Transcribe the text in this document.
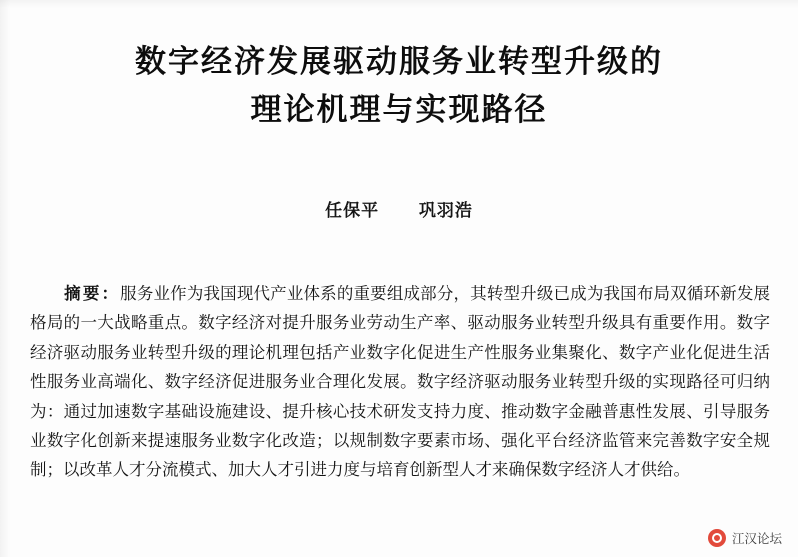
数字经济发展驱动服务业转型升级的
理论机理与实现路径
任保平 巩羽浩
摘要：服务业作为我国现代产业体系的重要组成部分，其转型升级已成为我国布局双循环新发展格局的一大战略重点。数字经济对提升服务业劳动生产率、驱动服务业转型升级具有重要作用。数字经济驱动服务业转型升级的理论机理包括产业数字化促进生产性服务业集聚化、数字产业化促进生活性服务业高端化、数字经济促进服务业合理化发展。数字经济驱动服务业转型升级的实现路径可归纳为：通过加速数字基础设施建设、提升核心技术研发支持力度、推动数字金融普惠性发展、引导服务业数字化创新来提速服务业数字化改造；以规制数字要素市场、强化平台经济监管来完善数字安全规制；以改革人才分流模式、加大人才引进力度与培育创新型人才来确保数字经济人才供给。
江汉论坛
